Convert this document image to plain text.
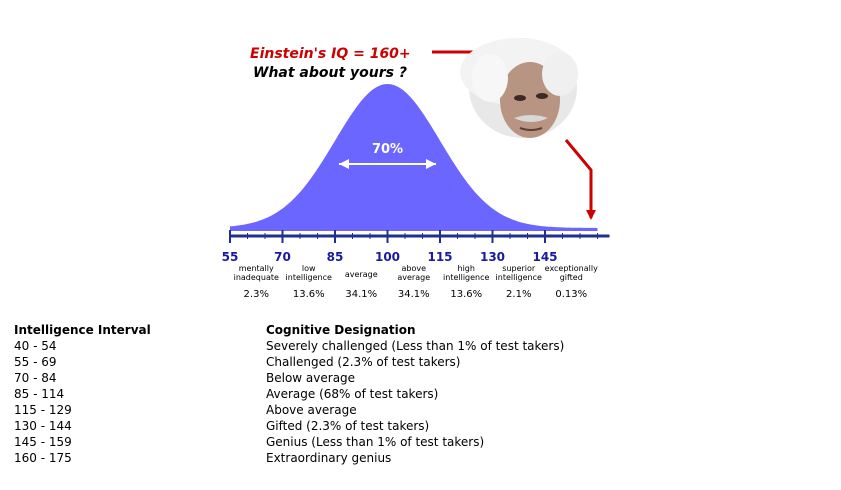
Einstein's IQ = 160+
What about yours ?
70%
55	70	85	100 115 130 145
mentally
inadequate
2.3%
low
intelligence
13.6%
average
34.1%
above
average
34.1%
high
intelligence
13.6%
superior
intelligence
2.1%
exceptionally
gifted
0.13%
Intelligence Interval	Cognitive Designation
40 - 54	Severely challenged (Less than 1% of test takers)
55 - 69	Challenged (2.3% of test takers)
70 - 84	Below average
85 - 114	Average (68% of test takers)
115 - 129	Above average
130 - 144	Gifted (2.3% of test takers)
145 - 159	Genius (Less than 1% of test takers)
160 - 175	Extraordinary genius
